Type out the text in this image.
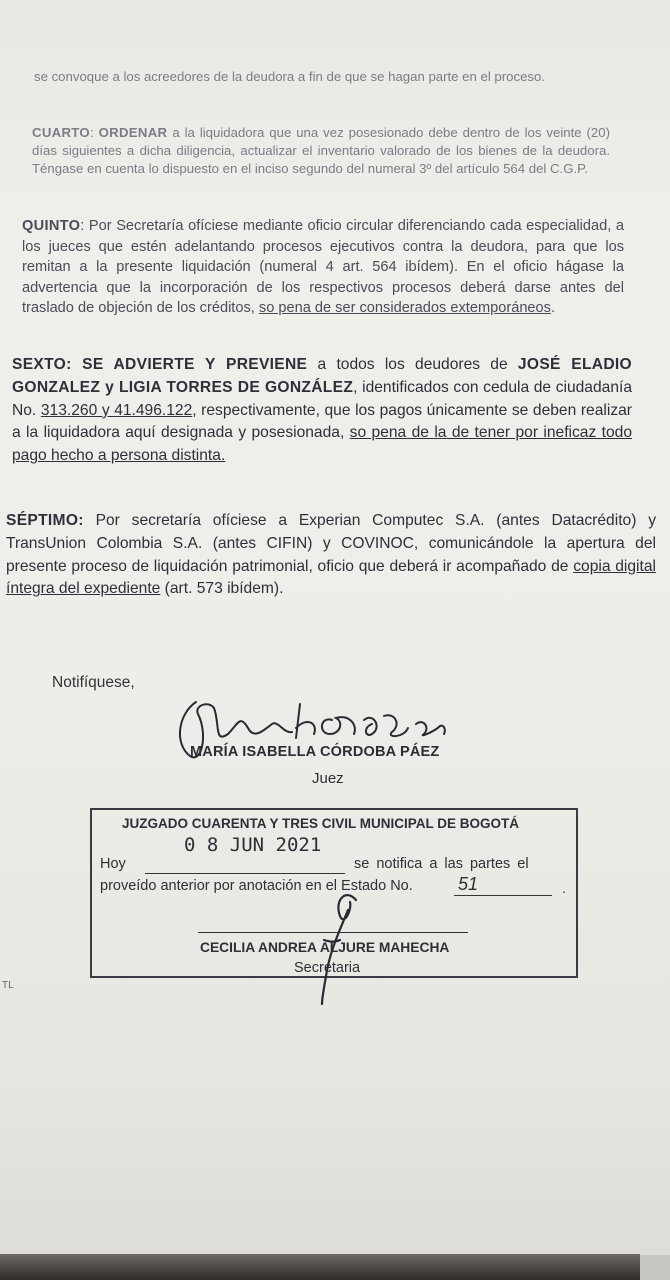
se convoque a los acreedores de la deudora a fin de que se hagan parte en el proceso.

CUARTO: ORDENAR a la liquidadora que una vez posesionado debe dentro de los veinte (20) días siguientes a dicha diligencia, actualizar el inventario valorado de los bienes de la deudora. Téngase en cuenta lo dispuesto en el inciso segundo del numeral 3º del artículo 564 del C.G.P.

QUINTO: Por Secretaría ofíciese mediante oficio circular diferenciando cada especialidad, a los jueces que estén adelantando procesos ejecutivos contra la deudora, para que los remitan a la presente liquidación (numeral 4 art. 564 ibídem). En el oficio hágase la advertencia que la incorporación de los respectivos procesos deberá darse antes del traslado de objeción de los créditos, so pena de ser considerados extemporáneos.

SEXTO: SE ADVIERTE Y PREVIENE a todos los deudores de JOSÉ ELADIO GONZALEZ y LIGIA TORRES DE GONZÁLEZ, identificados con cedula de ciudadanía No. 313.260 y 41.496.122, respectivamente, que los pagos únicamente se deben realizar a la liquidadora aquí designada y posesionada, so pena de la de tener por ineficaz todo pago hecho a persona distinta.

SÉPTIMO: Por secretaría ofíciese a Experian Computec S.A. (antes Datacrédito) y TransUnion Colombia S.A. (antes CIFIN) y COVINOC, comunicándole la apertura del presente proceso de liquidación patrimonial, oficio que deberá ir acompañado de copia digital íntegra del expediente (art. 573 ibídem).

Notifíquese,
MARÍA ISABELLA CÓRDOBA PÁEZ
Juez
JUZGADO CUARENTA Y TRES CIVIL MUNICIPAL DE BOGOTÁ
0 8 JUN 2021
Hoy	se notifica a las partes el
proveído anterior por anotación en el Estado No.	51	.
CECILIA ANDREA ALJURE MAHECHA
Secretaria
TL
